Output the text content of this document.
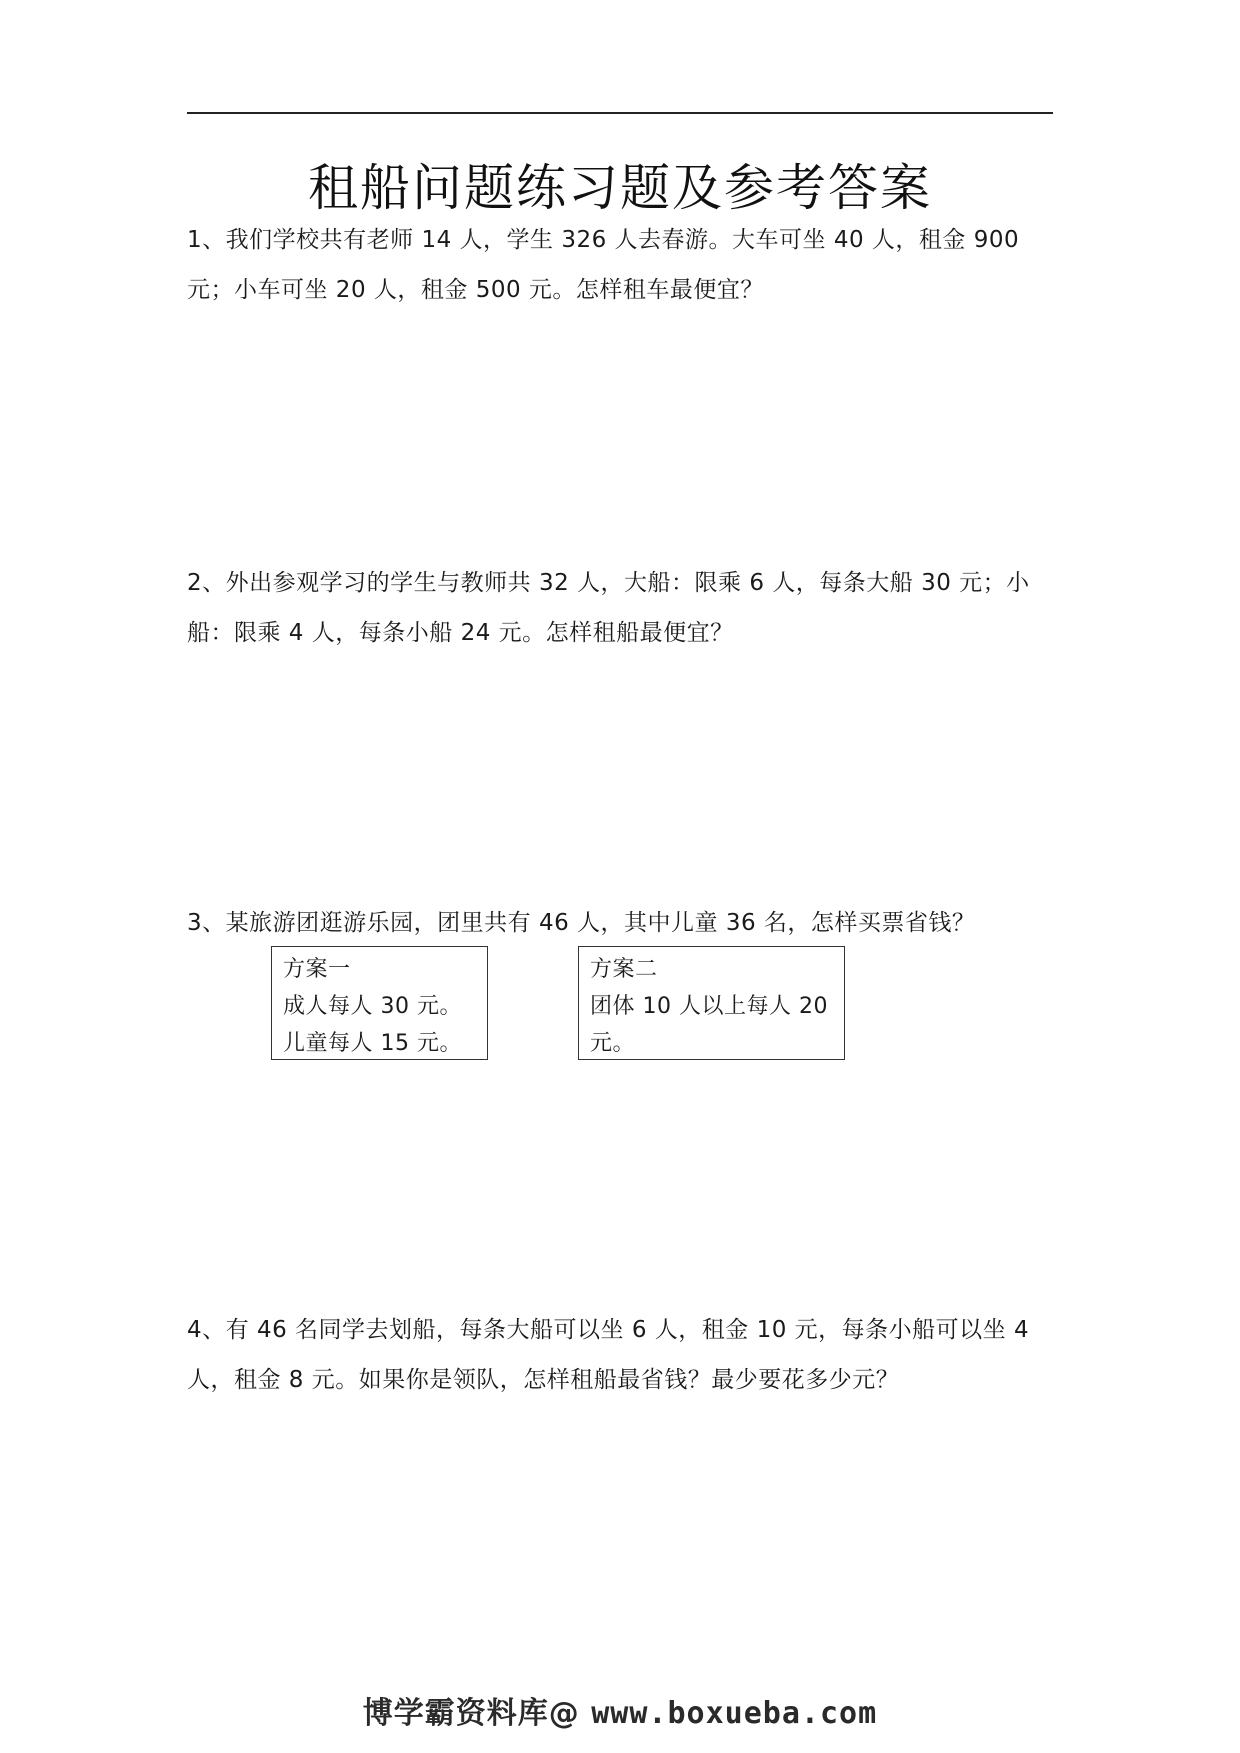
租船问题练习题及参考答案

1、我们学校共有老师 14 人，学生 326 人去春游。大车可坐 40 人，租金 900 元；小车可坐 20 人，租金 500 元。怎样租车最便宜？

2、外出参观学习的学生与教师共 32 人，大船：限乘 6 人，每条大船 30 元；小船：限乘 4 人，每条小船 24 元。怎样租船最便宜？

3、某旅游团逛游乐园，团里共有 46 人，其中儿童 36 名，怎样买票省钱？

方案一
成人每人 30 元。
儿童每人 15 元。
方案二
团体 10 人以上每人 20 元。

4、有 46 名同学去划船，每条大船可以坐 6 人，租金 10 元，每条小船可以坐 4 人，租金 8 元。如果你是领队，怎样租船最省钱？最少要花多少元？

博学霸资料库@ www.boxueba.com
